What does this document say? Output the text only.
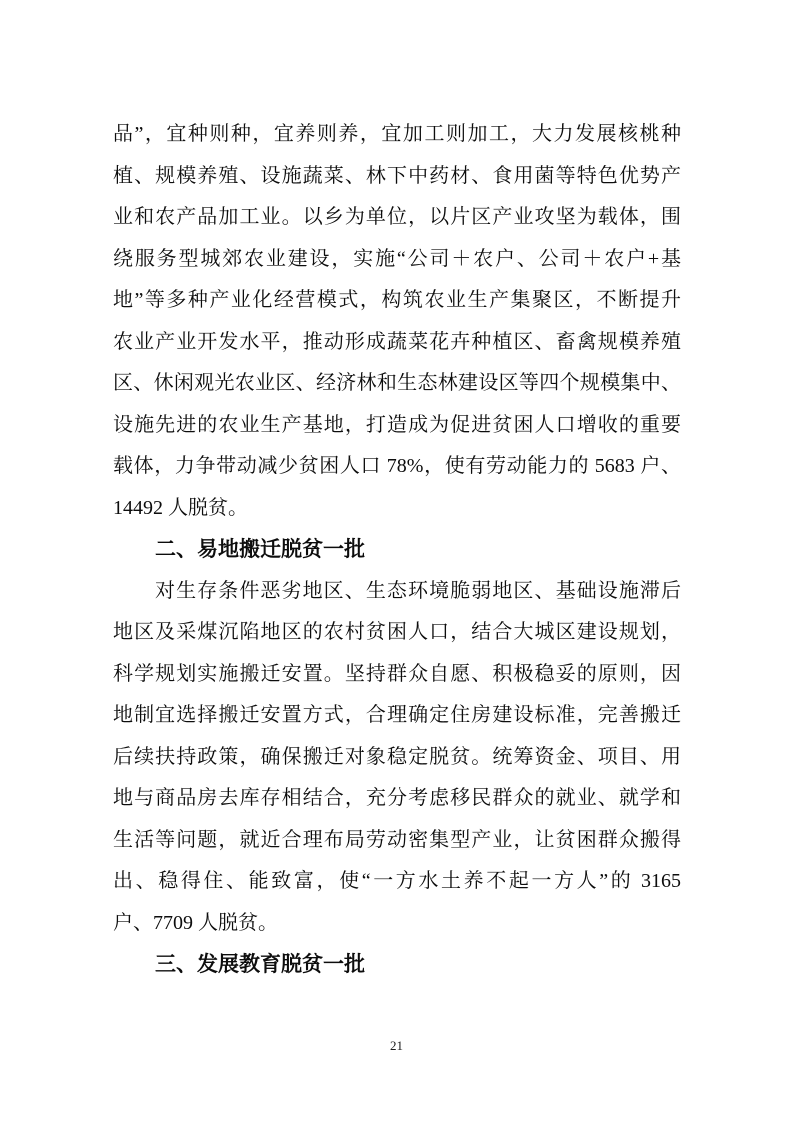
品”，宜种则种，宜养则养，宜加工则加工，大力发展核桃种
植、规模养殖、设施蔬菜、林下中药材、食用菌等特色优势产
业和农产品加工业。以乡为单位，以片区产业攻坚为载体，围
绕服务型城郊农业建设，实施“公司＋农户、公司＋农户+基
地”等多种产业化经营模式，构筑农业生产集聚区，不断提升
农业产业开发水平，推动形成蔬菜花卉种植区、畜禽规模养殖
区、休闲观光农业区、经济林和生态林建设区等四个规模集中、
设施先进的农业生产基地，打造成为促进贫困人口增收的重要
载体，力争带动减少贫困人口 78%，使有劳动能力的 5683 户、
14492 人脱贫。
二、易地搬迁脱贫一批
对生存条件恶劣地区、生态环境脆弱地区、基础设施滞后
地区及采煤沉陷地区的农村贫困人口，结合大城区建设规划，
科学规划实施搬迁安置。坚持群众自愿、积极稳妥的原则，因
地制宜选择搬迁安置方式，合理确定住房建设标准，完善搬迁
后续扶持政策，确保搬迁对象稳定脱贫。统筹资金、项目、用
地与商品房去库存相结合，充分考虑移民群众的就业、就学和
生活等问题，就近合理布局劳动密集型产业，让贫困群众搬得
出、稳得住、能致富，使“一方水土养不起一方人”的 3165
户、7709 人脱贫。
三、发展教育脱贫一批
21
